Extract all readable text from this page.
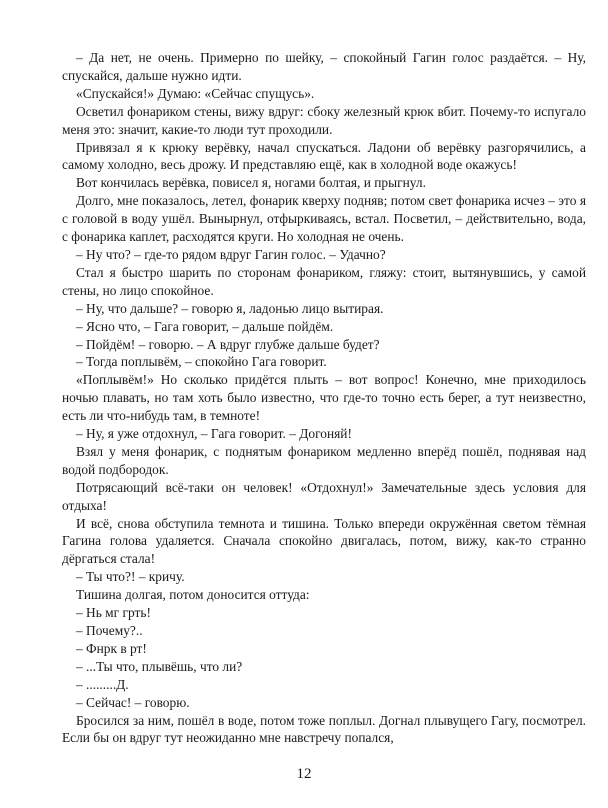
– Да нет, не очень. Примерно по шейку, – спокойный Гагин голос раздаётся. – Ну, спускайся, дальше нужно идти.

«Спускайся!» Думаю: «Сейчас спущусь».

Осветил фонариком стены, вижу вдруг: сбоку железный крюк вбит. Почему-то испугало меня это: значит, какие-то люди тут проходили.

Привязал я к крюку верёвку, начал спускаться. Ладони об верёвку разгорячились, а самому холодно, весь дрожу. И представляю ещё, как в холодной воде окажусь!

Вот кончилась верёвка, повисел я, ногами болтая, и прыгнул.

Долго, мне показалось, летел, фонарик кверху подняв; потом свет фонарика исчез – это я с головой в воду ушёл. Вынырнул, отфыркиваясь, встал. Посветил, – действительно, вода, с фонарика каплет, расходятся круги. Но холодная не очень.

– Ну что? – где-то рядом вдруг Гагин голос. – Удачно?

Стал я быстро шарить по сторонам фонариком, гляжу: стоит, вытянувшись, у самой стены, но лицо спокойное.

– Ну, что дальше? – говорю я, ладонью лицо вытирая.

– Ясно что, – Гага говорит, – дальше пойдём.

– Пойдём! – говорю. – А вдруг глубже дальше будет?

– Тогда поплывём, – спокойно Гага говорит.

«Поплывём!» Но сколько придётся плыть – вот вопрос! Конечно, мне приходилось ночью плавать, но там хоть было известно, что где-то точно есть берег, а тут неизвестно, есть ли что-нибудь там, в темноте!

– Ну, я уже отдохнул, – Гага говорит. – Догоняй!

Взял у меня фонарик, с поднятым фонариком медленно вперёд пошёл, поднявая над водой подбородок.

Потрясающий всё-таки он человек! «Отдохнул!» Замечательные здесь условия для отдыха!

И всё, снова обступила темнота и тишина. Только впереди окружённая светом тёмная Гагина голова удаляется. Сначала спокойно двигалась, потом, вижу, как-то странно дёргаться стала!

– Ты что?! – кричу.

Тишина долгая, потом доносится оттуда:

– Нь мг грть!

– Почему?..

– Фнрк в рт!

– ...Ты что, плывёшь, что ли?

– .........Д.

– Сейчас! – говорю.

Бросился за ним, пошёл в воде, потом тоже поплыл. Догнал плывущего Гагу, посмотрел. Если бы он вдруг тут неожиданно мне навстречу попался,

12
